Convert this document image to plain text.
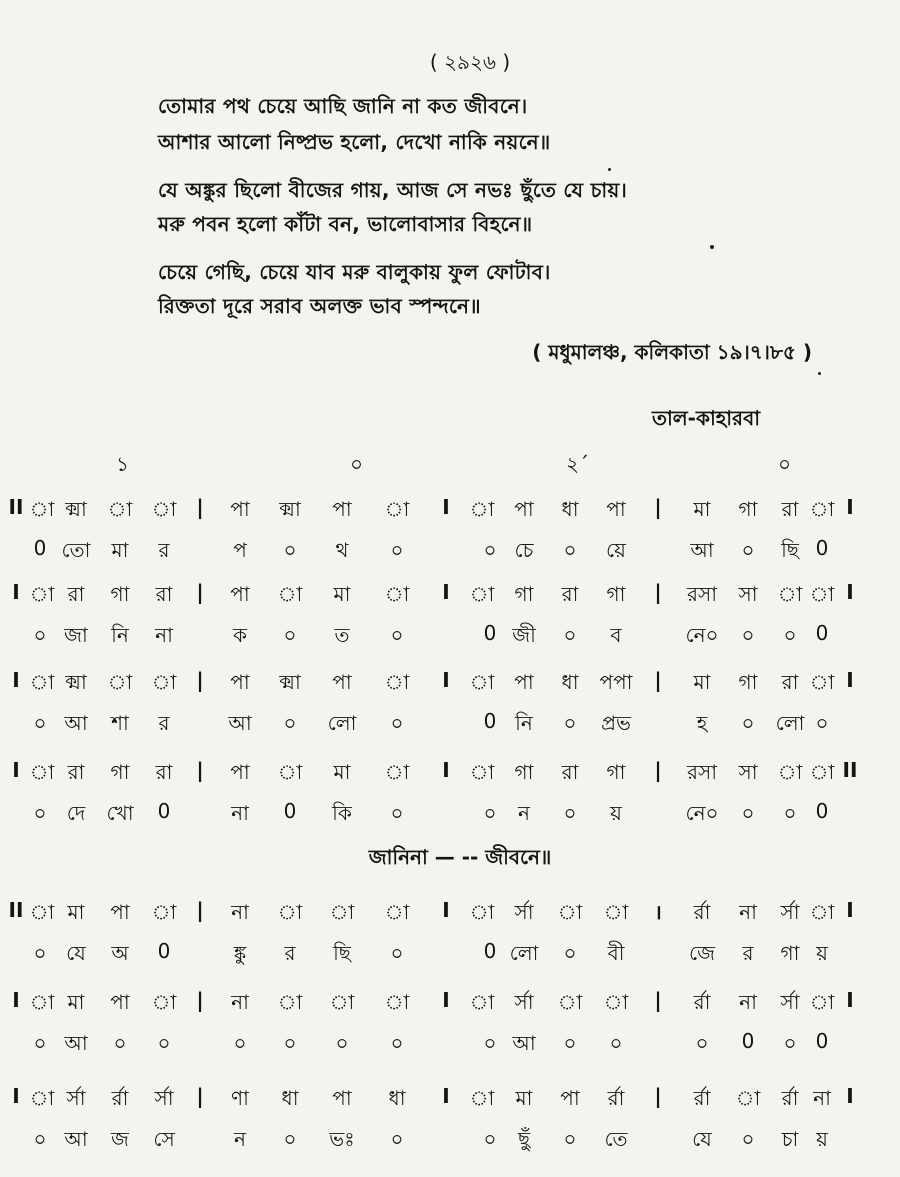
( ২৯২৬ )
তোমার পথ চেয়ে আছি জানি না কত জীবনে।
আশার আলো নিষ্প্রভ হলো, দেখো নাকি নয়নে॥
যে অঙ্কুর ছিলো বীজের গায়, আজ সে নভঃ ছুঁতে যে চায়।
মরু পবন হলো কাঁটা বন, ভালোবাসার বিহনে॥
চেয়ে গেছি, চেয়ে যাব মরু বালুকায় ফুল ফোটাব।
রিক্ততা দূরে সরাব অলক্ত ভাব স্পন্দনে॥
( মধুমালঞ্চ, কলিকাতা ১৯।৭।৮৫ )
তাল-কাহারবা
১	০	২´	০
জানিনা — -- জীবনে॥
II া ক্মা া া | পা ক্মা পা া I া পা ধা পা | মা গা রা া I
0 তো মা র	প ০ থ ০	০ চে ০ য়ে	আ ০ ছি 0
I া রা গা রা | পা া মা া I া গা রা গা | রসা সা া া I
০ জা নি না	ক ০ ত ০	0 জী ০ ব	নে০ ০ ০ 0
I া ক্মা া া | পা ক্মা পা া I া পা ধা পপা | মা গা রা া I
০ আ শা র	আ ০ লো ০	0 নি ০ প্রভ	হ ০ লো ০
I া রা গা রা | পা া মা া I া গা রা গা | রসা সা া া II
০ দে খো 0	না 0 কি ০	০ ন ০ য়	নে০ ০ ০ 0
II া মা পা া | না া া া I া র্সা া া । র্রা না র্সা া I
০ যে অ 0	ঙ্কু র ছি ০	0 লো ০ বী	জে র গা য়
I া মা পা া | না া া া I া র্সা া া | র্রা না র্সা া I
০ আ ০ ০	০ ০ ০ ০	০ আ ০ ০	০ 0 ০ 0
I া র্সা র্রা র্সা | ণা ধা পা ধা I া মা পা র্রা | র্রা া র্রা না I
০ আ জ সে	ন ০ ভঃ ০	০ ছুঁ ০ তে	যে ০ চা য়
